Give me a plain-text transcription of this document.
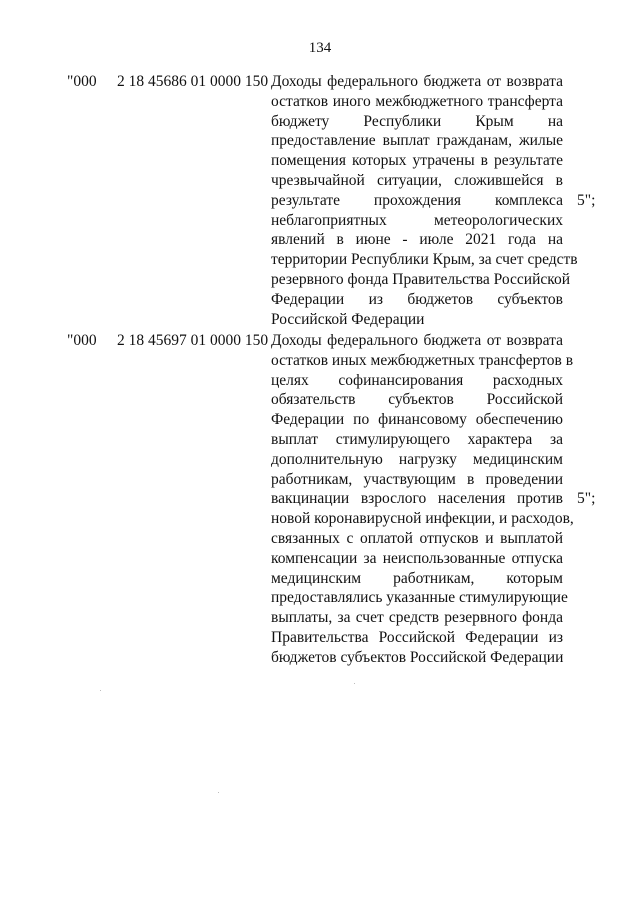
134
"000 2 18 45686 01 0000 150 Доходы федерального бюджета от возврата
остатков иного межбюджетного трансферта
бюджету Республики Крым на
предоставление выплат гражданам, жилые
помещения которых утрачены в результате
чрезвычайной ситуации, сложившейся в
результате прохождения комплекса
неблагоприятных метеорологических
явлений в июне - июле 2021 года на
территории Республики Крым, за счет средств
резервного фонда Правительства Российской
Федерации из бюджетов субъектов
Российской Федерации
5";
"000 2 18 45697 01 0000 150 Доходы федерального бюджета от возврата
остатков иных межбюджетных трансфертов в
целях софинансирования расходных
обязательств субъектов Российской
Федерации по финансовому обеспечению
выплат стимулирующего характера за
дополнительную нагрузку медицинским
работникам, участвующим в проведении
вакцинации взрослого населения против
новой коронавирусной инфекции, и расходов,
связанных с оплатой отпусков и выплатой
компенсации за неиспользованные отпуска
медицинским работникам, которым
предоставлялись указанные стимулирующие
выплаты, за счет средств резервного фонда
Правительства Российской Федерации из
бюджетов субъектов Российской Федерации
5";
